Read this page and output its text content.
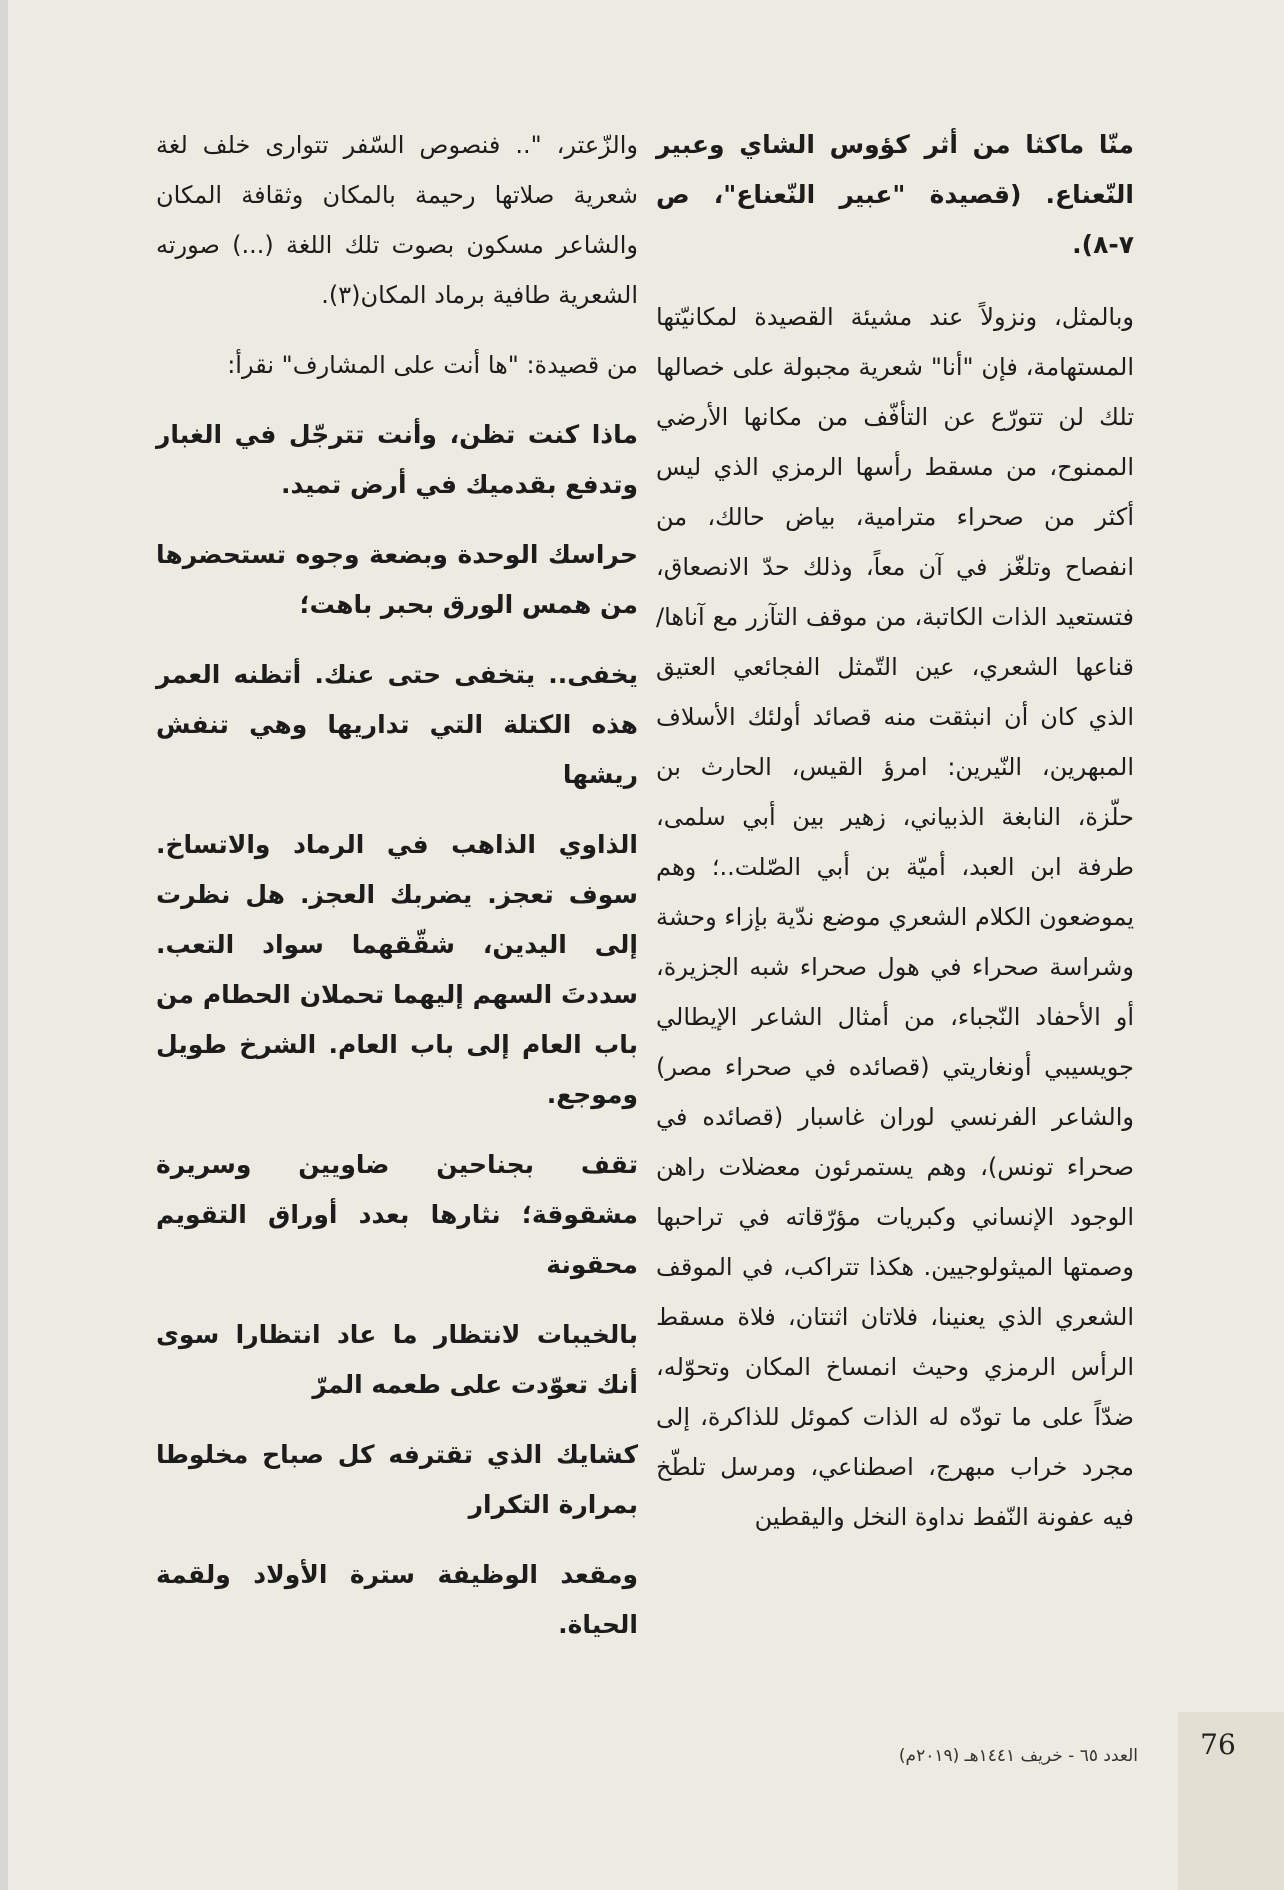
منّا ماكثا من أثر كؤوس الشاي وعبير النّعناع. (قصيدة "عبير النّعناع"، ص ٧-٨).

وبالمثل، ونزولاً عند مشيئة القصيدة لمكانيّتها المستهامة، فإن "أنا" شعرية مجبولة على خصالها تلك لن تتورّع عن التأفّف من مكانها الأرضي الممنوح، من مسقط رأسها الرمزي الذي ليس أكثر من صحراء مترامية، بياض حالك، من انفصاح وتلغّز في آن معاً، وذلك حدّ الانصعاق، فتستعيد الذات الكاتبة، من موقف التآزر مع آناها/ قناعها الشعري، عين التّمثل الفجائعي العتيق الذي كان أن انبثقت منه قصائد أولئك الأسلاف المبهرين، النّيرين: امرؤ القيس، الحارث بن حلّزة، النابغة الذبياني، زهير بين أبي سلمى، طرفة ابن العبد، أميّة بن أبي الصّلت..؛ وهم يموضعون الكلام الشعري موضع ندّية بإزاء وحشة وشراسة صحراء في هول صحراء شبه الجزيرة، أو الأحفاد النّجباء، من أمثال الشاعر الإيطالي جويسيبي أونغاريتي (قصائده في صحراء مصر) والشاعر الفرنسي لوران غاسبار (قصائده في صحراء تونس)، وهم يستمرئون معضلات راهن الوجود الإنساني وكبريات مؤرّقاته في تراحبها وصمتها الميثولوجيين. هكذا تتراكب، في الموقف الشعري الذي يعنينا، فلاتان اثنتان، فلاة مسقط الرأس الرمزي وحيث انمساخ المكان وتحوّله، ضدّاً على ما تودّه له الذات كموئل للذاكرة، إلى مجرد خراب مبهرج، اصطناعي، ومرسل تلطّخ فيه عفونة النّفط نداوة النخل واليقطين

والزّعتر، ".. فنصوص السّفر تتوارى خلف لغة شعرية صلاتها رحيمة بالمكان وثقافة المكان والشاعر مسكون بصوت تلك اللغة (...) صورته الشعرية طافية برماد المكان(٣).

من قصيدة: "ها أنت على المشارف" نقرأ:

ماذا كنت تظن، وأنت تترجّل في الغبار وتدفع بقدميك في أرض تميد.

حراسك الوحدة وبضعة وجوه تستحضرها من همس الورق بحبر باهت؛

يخفى.. يتخفى حتى عنك. أتظنه العمر هذه الكتلة التي تداريها وهي تنفش ريشها

الذاوي الذاهب في الرماد والاتساخ. سوف تعجز. يضربك العجز. هل نظرت إلى اليدين، شقّقهما سواد التعب. سددتَ السهم إليهما تحملان الحطام من باب العام إلى باب العام. الشرخ طويل وموجع.

تقف بجناحين ضاويين وسريرة مشقوقة؛ نثارها بعدد أوراق التقويم محقونة

بالخيبات لانتظار ما عاد انتظارا سوى أنك تعوّدت على طعمه المرّ

كشايك الذي تقترفه كل صباح مخلوطا بمرارة التكرار

ومقعد الوظيفة سترة الأولاد ولقمة الحياة.

76
العدد ٦٥ - خريف ١٤٤١هـ (٢٠١٩م)
